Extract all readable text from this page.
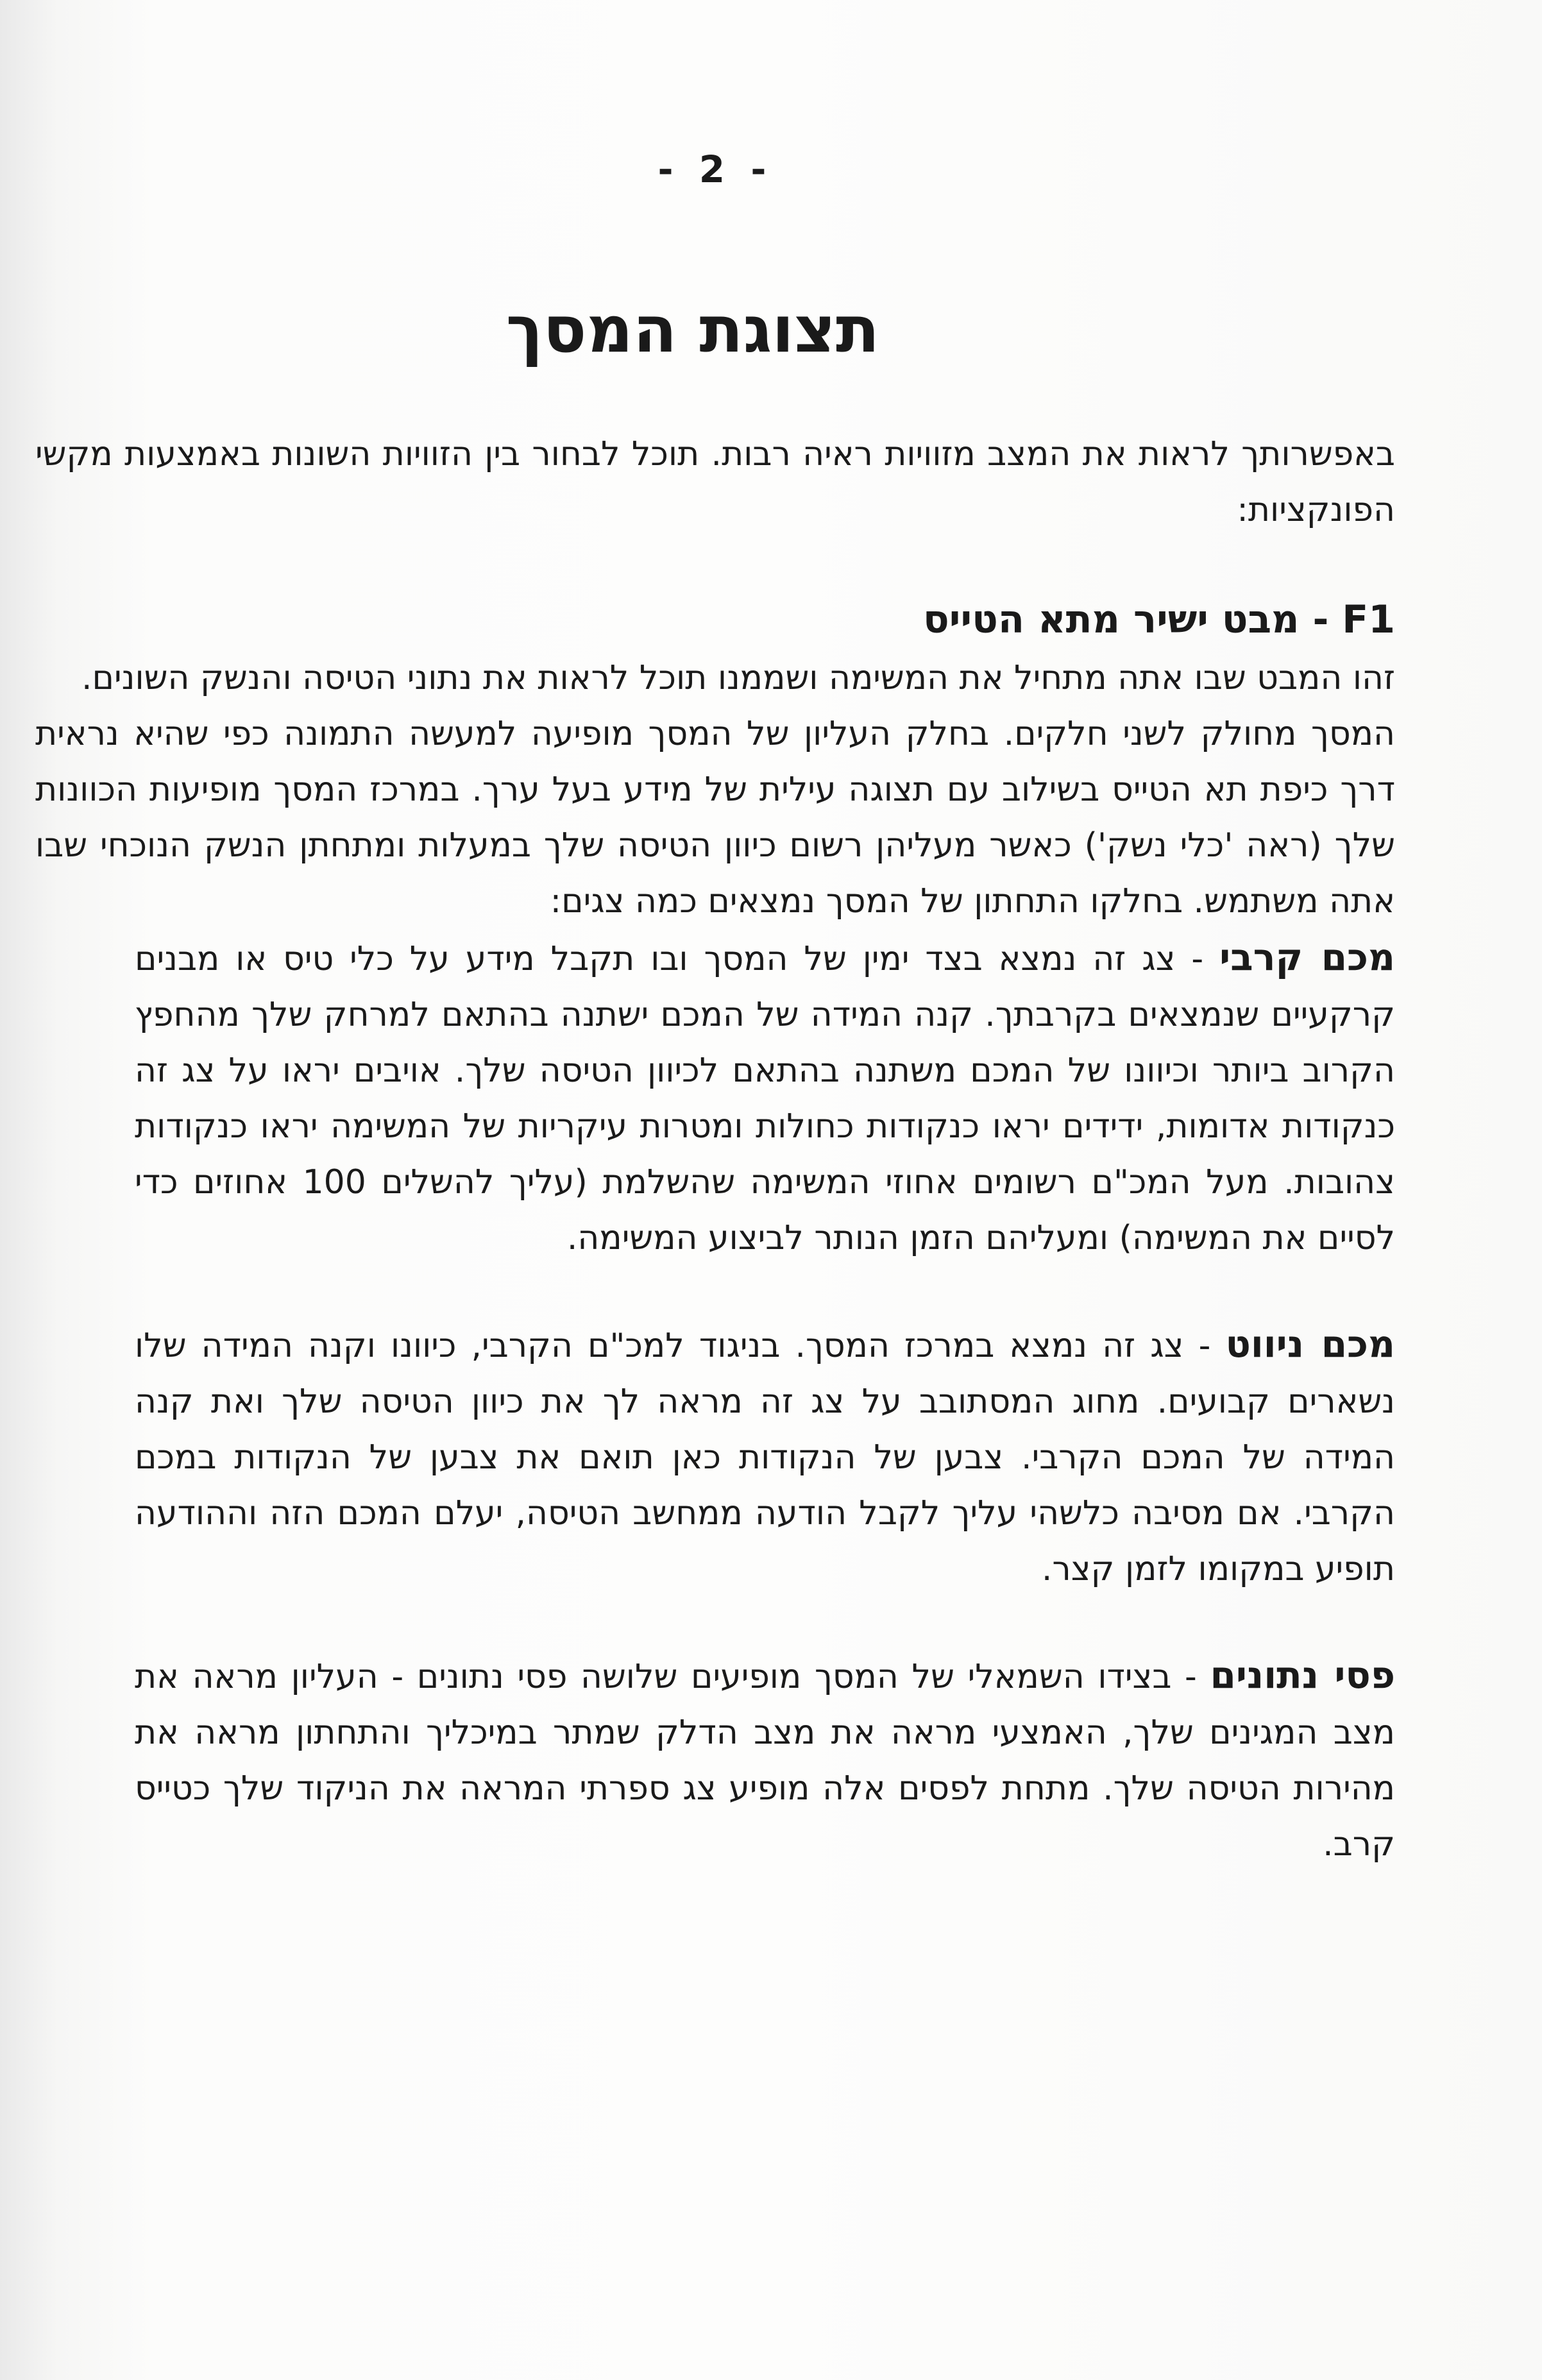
- 2 -
תצוגת המסך

באפשרותך לראות את המצב מזוויות ראיה רבות. תוכל לבחור בין הזוויות השונות באמצעות מקשי הפונקציות:

F1 - מבט ישיר מתא הטייס

זהו המבט שבו אתה מתחיל את המשימה ושממנו תוכל לראות את נתוני הטיסה והנשק השונים.

המסך מחולק לשני חלקים. בחלק העליון של המסך מופיעה למעשה התמונה כפי שהיא נראית דרך כיפת תא הטייס בשילוב עם תצוגה עילית של מידע בעל ערך. במרכז המסך מופיעות הכוונות שלך (ראה 'כלי נשק') כאשר מעליהן רשום כיוון הטיסה שלך במעלות ומתחתן הנשק הנוכחי שבו אתה משתמש. בחלקו התחתון של המסך נמצאים כמה צגים:

מכם קרבי - צג זה נמצא בצד ימין של המסך ובו תקבל מידע על כלי טיס או מבנים קרקעיים שנמצאים בקרבתך. קנה המידה של המכם ישתנה בהתאם למרחק שלך מהחפץ הקרוב ביותר וכיוונו של המכם משתנה בהתאם לכיוון הטיסה שלך. אויבים יראו על צג זה כנקודות אדומות, ידידים יראו כנקודות כחולות ומטרות עיקריות של המשימה יראו כנקודות צהובות. מעל המכ"ם רשומים אחוזי המשימה שהשלמת (עליך להשלים 100 אחוזים כדי לסיים את המשימה) ומעליהם הזמן הנותר לביצוע המשימה.

מכם ניווט - צג זה נמצא במרכז המסך. בניגוד למכ"ם הקרבי, כיוונו וקנה המידה שלו נשארים קבועים. מחוג המסתובב על צג זה מראה לך את כיוון הטיסה שלך ואת קנה המידה של המכם הקרבי. צבען של הנקודות כאן תואם את צבען של הנקודות במכם הקרבי. אם מסיבה כלשהי עליך לקבל הודעה ממחשב הטיסה, יעלם המכם הזה וההודעה תופיע במקומו לזמן קצר.

פסי נתונים - בצידו השמאלי של המסך מופיעים שלושה פסי נתונים - העליון מראה את מצב המגינים שלך, האמצעי מראה את מצב הדלק שמתר במיכליך והתחתון מראה את מהירות הטיסה שלך. מתחת לפסים אלה מופיע צג ספרתי המראה את הניקוד שלך כטייס קרב.
